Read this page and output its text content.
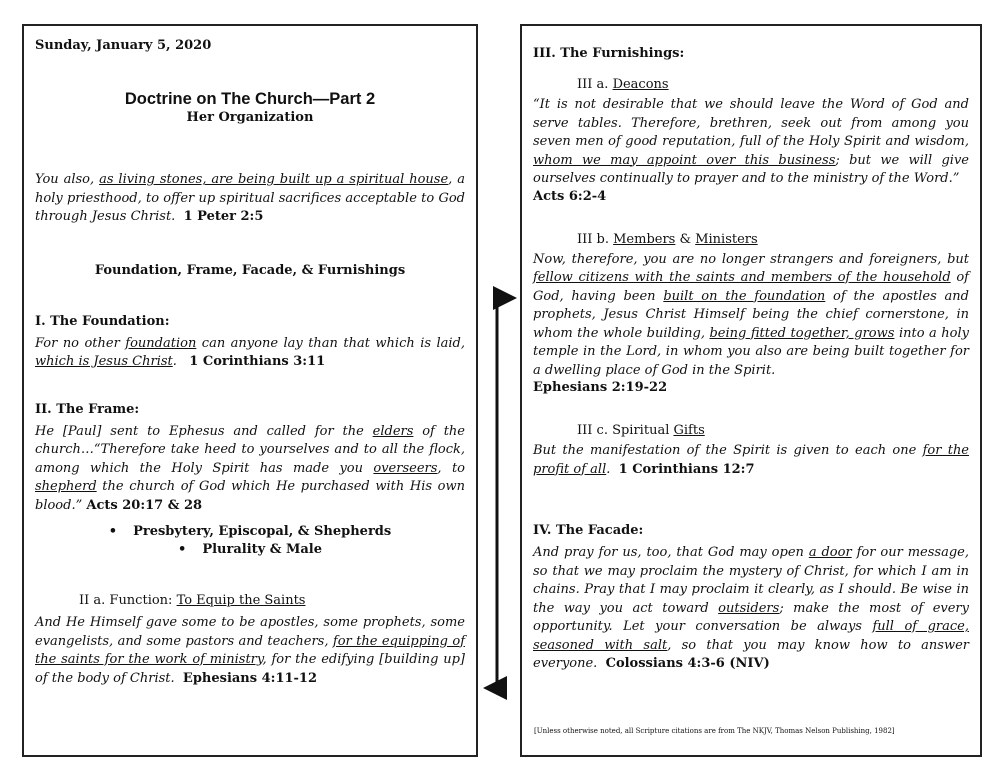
Sunday, January 5, 2020
Doctrine on The Church—Part 2
Her Organization
You also, as living stones, are being built up a spiritual house, a holy priesthood, to offer up spiritual sacrifices acceptable to God through Jesus Christ. 1 Peter 2:5
Foundation, Frame, Facade, & Furnishings
I. The Foundation:
For no other foundation can anyone lay than that which is laid, which is Jesus Christ. 1 Corinthians 3:11
II. The Frame:
He [Paul] sent to Ephesus and called for the elders of the church…“Therefore take heed to yourselves and to all the flock, among which the Holy Spirit has made you overseers, to shepherd the church of God which He purchased with His own blood.” Acts 20:17 & 28
• Presbytery, Episcopal, & Shepherds
• Plurality & Male
II a. Function: To Equip the Saints
And He Himself gave some to be apostles, some prophets, some evangelists, and some pastors and teachers, for the equipping of the saints for the work of ministry, for the edifying [building up] of the body of Christ. Ephesians 4:11-12
III. The Furnishings:
III a. Deacons
“It is not desirable that we should leave the Word of God and serve tables. Therefore, brethren, seek out from among you seven men of good reputation, full of the Holy Spirit and wisdom, whom we may appoint over this business; but we will give ourselves continually to prayer and to the ministry of the Word.”
Acts 6:2-4
III b. Members & Ministers
Now, therefore, you are no longer strangers and foreigners, but fellow citizens with the saints and members of the household of God, having been built on the foundation of the apostles and prophets, Jesus Christ Himself being the chief cornerstone, in whom the whole building, being fitted together, grows into a holy temple in the Lord, in whom you also are being built together for a dwelling place of God in the Spirit.
Ephesians 2:19-22
III c. Spiritual Gifts
But the manifestation of the Spirit is given to each one for the profit of all. 1 Corinthians 12:7
IV. The Facade:
And pray for us, too, that God may open a door for our message, so that we may proclaim the mystery of Christ, for which I am in chains. Pray that I may proclaim it clearly, as I should. Be wise in the way you act toward outsiders; make the most of every opportunity. Let your conversation be always full of grace, seasoned with salt, so that you may know how to answer everyone. Colossians 4:3-6 (NIV)
[Unless otherwise noted, all Scripture citations are from The NKJV, Thomas Nelson Publishing, 1982]
